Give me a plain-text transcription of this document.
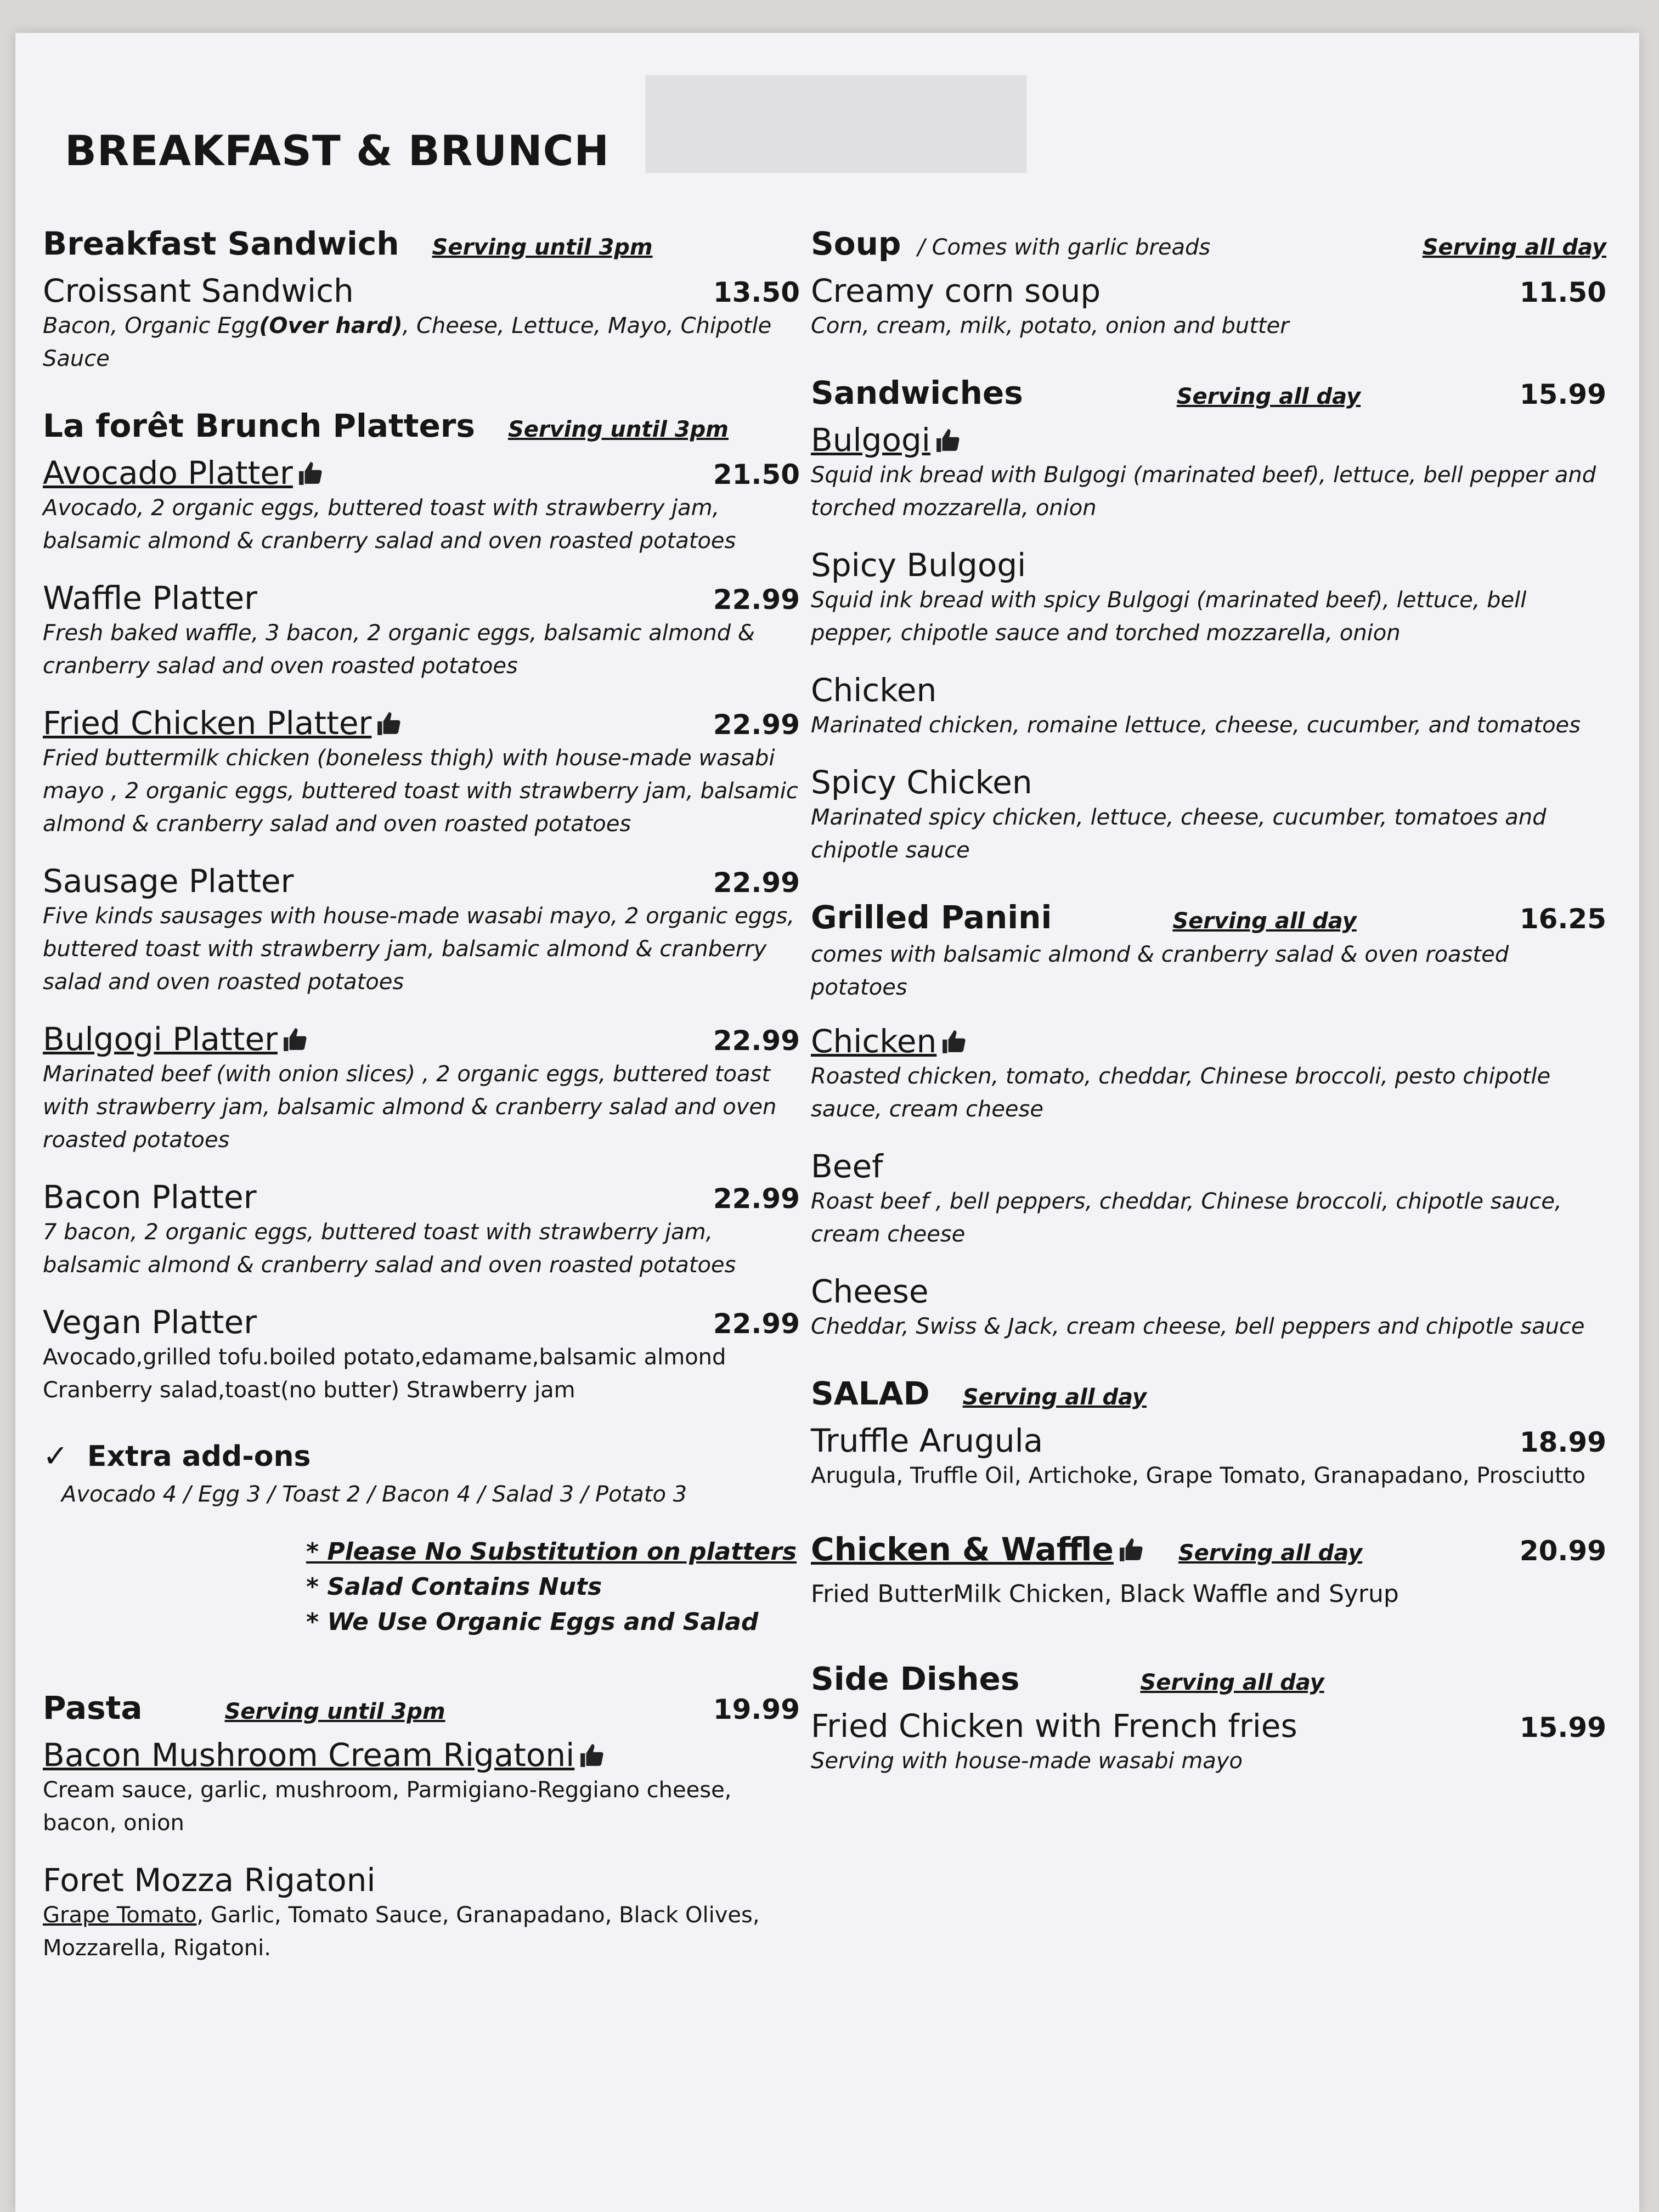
██████
BREAKFAST & BRUNCH
Breakfast Sandwich Serving until 3pm
Croissant Sandwich	13.50
Bacon, Organic Egg(Over hard), Cheese, Lettuce, Mayo, Chipotle Sauce
La forêt Brunch Platters Serving until 3pm
Avocado Platter	21.50
Avocado, 2 organic eggs, buttered toast with strawberry jam, balsamic almond & cranberry salad and oven roasted potatoes
Waffle Platter	22.99
Fresh baked waffle, 3 bacon, 2 organic eggs, balsamic almond & cranberry salad and oven roasted potatoes
Fried Chicken Platter	22.99
Fried buttermilk chicken (boneless thigh) with house-made wasabi mayo , 2 organic eggs, buttered toast with strawberry jam, balsamic almond & cranberry salad and oven roasted potatoes
Sausage Platter	22.99
Five kinds sausages with house-made wasabi mayo, 2 organic eggs, buttered toast with strawberry jam, balsamic almond & cranberry salad and oven roasted potatoes
Bulgogi Platter	22.99
Marinated beef (with onion slices) , 2 organic eggs, buttered toast with strawberry jam, balsamic almond & cranberry salad and oven roasted potatoes
Bacon Platter	22.99
7 bacon, 2 organic eggs, buttered toast with strawberry jam, balsamic almond & cranberry salad and oven roasted potatoes
Vegan Platter	22.99
Avocado,grilled tofu.boiled potato,edamame,balsamic almond Cranberry salad,toast(no butter) Strawberry jam
✓ Extra add-ons
Avocado 4 / Egg 3 / Toast 2 / Bacon 4 / Salad 3 / Potato 3
* Please No Substitution on platters
* Salad Contains Nuts
* We Use Organic Eggs and Salad
Pasta	Serving until 3pm	19.99
Bacon Mushroom Cream Rigatoni
Cream sauce, garlic, mushroom, Parmigiano-Reggiano cheese, bacon, onion
Foret Mozza Rigatoni
Grape Tomato, Garlic, Tomato Sauce, Granapadano, Black Olives, Mozzarella, Rigatoni.
Soup / Comes with garlic breads	Serving all day
Creamy corn soup	11.50
Corn, cream, milk, potato, onion and butter
Sandwiches	Serving all day	15.99
Bulgogi
Squid ink bread with Bulgogi (marinated beef), lettuce, bell pepper and torched mozzarella, onion
Spicy Bulgogi
Squid ink bread with spicy Bulgogi (marinated beef), lettuce, bell pepper, chipotle sauce and torched mozzarella, onion
Chicken
Marinated chicken, romaine lettuce, cheese, cucumber, and tomatoes
Spicy Chicken
Marinated spicy chicken, lettuce, cheese, cucumber, tomatoes and chipotle sauce
Grilled Panini	Serving all day	16.25
comes with balsamic almond & cranberry salad & oven roasted potatoes
Chicken
Roasted chicken, tomato, cheddar, Chinese broccoli, pesto chipotle sauce, cream cheese
Beef
Roast beef , bell peppers, cheddar, Chinese broccoli, chipotle sauce, cream cheese
Cheese
Cheddar, Swiss & Jack, cream cheese, bell peppers and chipotle sauce
SALAD Serving all day
Truffle Arugula	18.99
Arugula, Truffle Oil, Artichoke, Grape Tomato, Granapadano, Prosciutto
Chicken & Waffle	Serving all day	20.99
Fried ButterMilk Chicken, Black Waffle and Syrup
Side Dishes	Serving all day
Fried Chicken with French fries	15.99
Serving with house-made wasabi mayo
